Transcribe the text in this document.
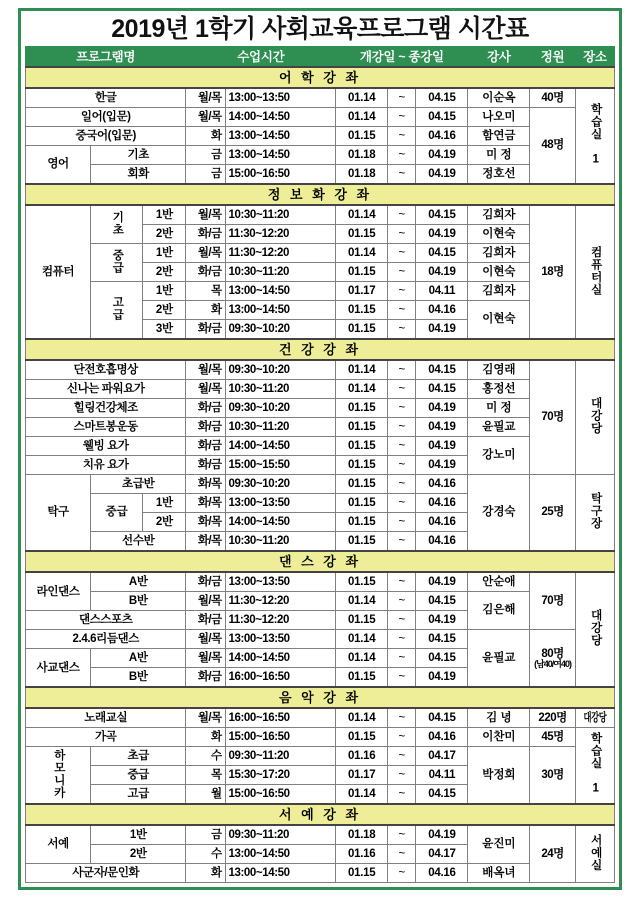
2019년 1학기 사회교육프로그램 시간표
프로그램명			수업시간		개강일 ~ 종강일			강사	정원	장소
어 학 강 좌										
한글			월/목	13:00~13:50	01.14	~	04.15	이순옥	40명	학습실 1
일어(입문)			월/목	14:00~14:50	01.14	~	04.15	나오미	48명	
중국어(입문)			화	13:00~14:50	01.15	~	04.16	함연금		
영어	기초		금	13:00~14:50	01.18	~	04.19	미 정		
	회화		금	15:00~16:50	01.18	~	04.19	정호선		
정 보 화 강 좌										
컴퓨터	기초	1반	월/목	10:30~11:20	01.14	~	04.15	김희자	18명	컴퓨터실
		2반	화/금	11:30~12:20	01.15	~	04.19	이현숙		
	중급	1반	월/목	11:30~12:20	01.14	~	04.15	김희자		
		2반	화/금	10:30~11:20	01.15	~	04.19	이현숙		
	고급	1반	목	13:00~14:50	01.17	~	04.11	김희자		
		2반	화	13:00~14:50	01.15	~	04.16	이현숙		
		3반	화/금	09:30~10:20	01.15	~	04.19			
건 강 강 좌										
단전호흡명상			월/목	09:30~10:20	01.14	~	04.15	김영래	70명	대강당
신나는 파워요가			월/목	10:30~11:20	01.14	~	04.15	홍정선		
힐링건강체조			화/금	09:30~10:20	01.15	~	04.19	미 정		
스마트봉운동			화/금	10:30~11:20	01.15	~	04.19	윤필교		
웰빙 요가			화/금	14:00~14:50	01.15	~	04.19	강노미		
치유 요가			화/금	15:00~15:50	01.15	~	04.19			
탁구	초급반		화/목	09:30~10:20	01.15	~	04.16	강경숙	25명	탁구장
	중급	1반	화/목	13:00~13:50	01.15	~	04.16			
		2반	화/목	14:00~14:50	01.15	~	04.16			
	선수반		화/목	10:30~11:20	01.15	~	04.16			
댄 스 강 좌										

라인댄스	A반		화/금	13:00~13:50	01.15	~	04.19	안순애	70명	대강당
	B반		월/목	11:30~12:20	01.14	~	04.15	김은해		
댄스스포츠			화/금	11:30~12:20	01.15	~	04.19			
2.4.6리듬댄스			월/목	13:00~13:50	01.14	~	04.15	윤필교	80명
(남40/여40)	

사교댄스	A반		월/목	14:00~14:50	01.14	~	04.15			
	B반		화/금	16:00~16:50	01.15	~	04.19			
음 악 강 좌										
노래교실			월/목	16:00~16:50	01.14	~	04.15	김 녕	220명	대강당
가곡			화	15:00~16:50	01.15	~	04.16	이찬미	45명	학습실 1
하모니카	초급		수	09:30~11:20	01.16	~	04.17	박정희	30명	
	중급		목	15:30~17:20	01.17	~	04.11			
	고급		월	15:00~16:50	01.14	~	04.15			
서 예 강 좌										
서예	1반		금	09:30~11:20	01.18	~	04.19	윤진미	24명	서예실
	2반		수	13:00~14:50	01.16	~	04.17			
사군자/문인화			화	13:00~14:50	01.15	~	04.16	배옥녀		
